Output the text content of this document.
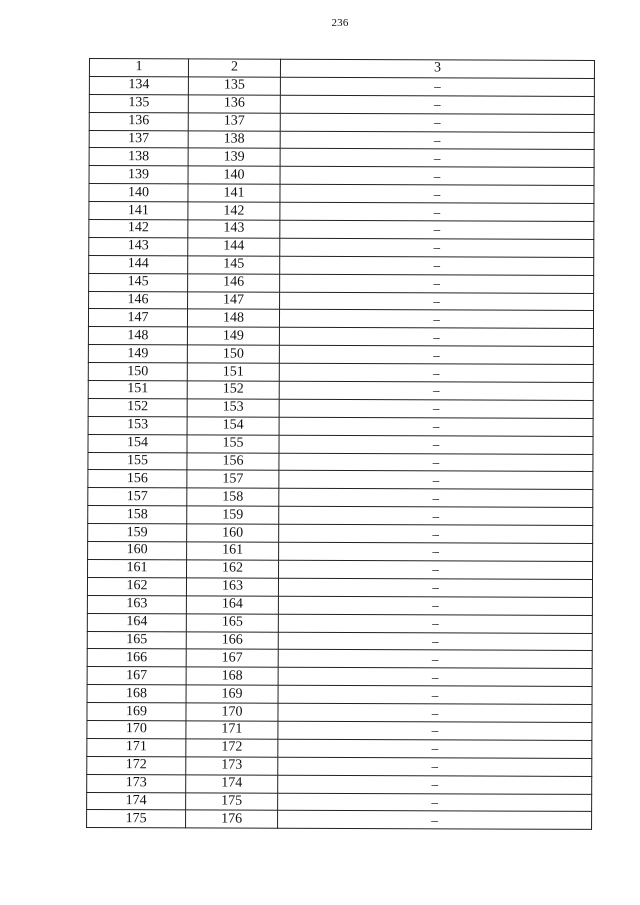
236
1	2	3
134	135	–
135	136	–
136	137	–
137	138	–
138	139	–
139	140	–
140	141	–
141	142	–
142	143	–
143	144	–
144	145	–
145	146	–
146	147	–
147	148	–
148	149	–
149	150	–
150	151	–
151	152	–
152	153	–
153	154	–
154	155	–
155	156	–
156	157	–
157	158	–
158	159	–
159	160	–
160	161	–
161	162	–
162	163	–
163	164	–
164	165	–
165	166	–
166	167	–
167	168	–
168	169	–
169	170	–
170	171	–
171	172	–
172	173	–
173	174	–
174	175	–
175	176	–
